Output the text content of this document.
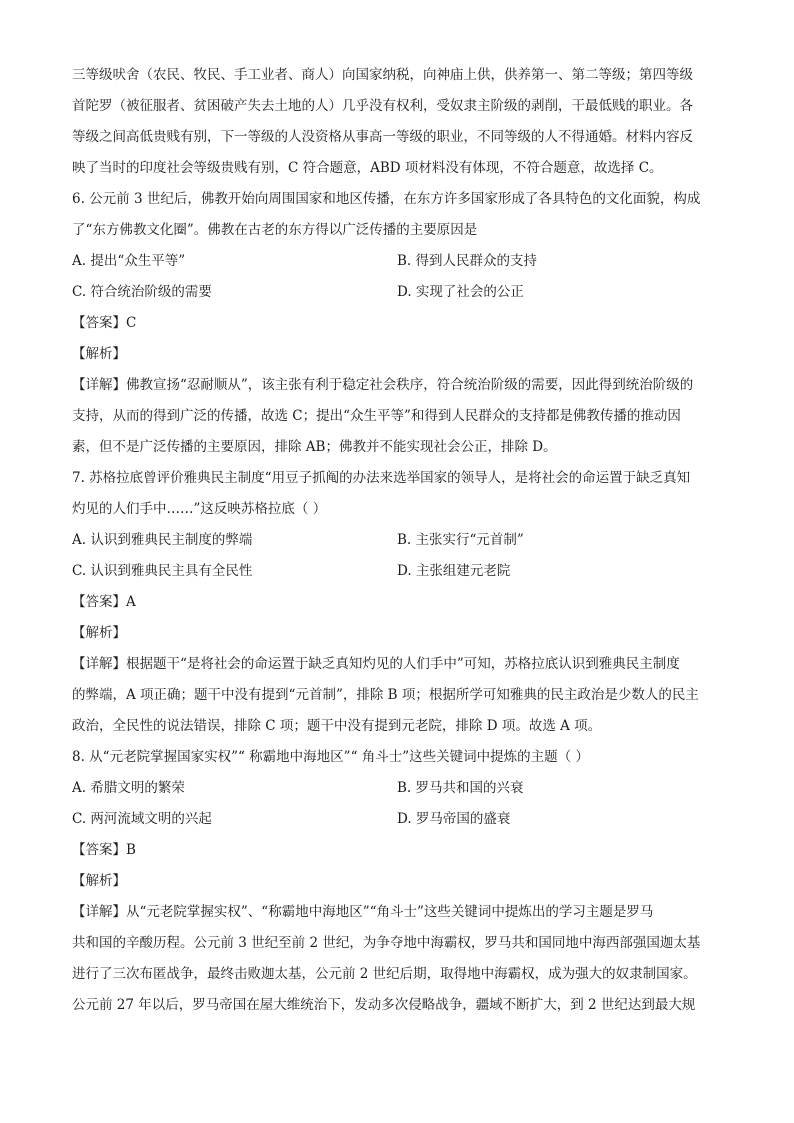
三等级吠舍（农民、牧民、手工业者、商人）向国家纳税，向神庙上供，供养第一、第二等级；第四等级
首陀罗（被征服者、贫困破产失去土地的人）几乎没有权利，受奴隶主阶级的剥削，干最低贱的职业。各
等级之间高低贵贱有别，下一等级的人没资格从事高一等级的职业，不同等级的人不得通婚。材料内容反
映了当时的印度社会等级贵贱有别，C 符合题意，ABD 项材料没有体现，不符合题意，故选择 C。
6. 公元前 3 世纪后，佛教开始向周围国家和地区传播，在东方许多国家形成了各具特色的文化面貌，构成
了“东方佛教文化圈”。佛教在古老的东方得以广泛传播的主要原因是
A. 提出“众生平等”	B. 得到人民群众的支持
C. 符合统治阶级的需要	D. 实现了社会的公正
【答案】C
【解析】
【详解】佛教宣扬“忍耐顺从”，该主张有利于稳定社会秩序，符合统治阶级的需要，因此得到统治阶级的
支持，从而的得到广泛的传播，故选 C；提出“众生平等”和得到人民群众的支持都是佛教传播的推动因
素，但不是广泛传播的主要原因，排除 AB；佛教并不能实现社会公正，排除 D。
7. 苏格拉底曾评价雅典民主制度“用豆子抓阄的办法来选举国家的领导人，是将社会的命运置于缺乏真知
灼见的人们手中……”这反映苏格拉底（ ）
A. 认识到雅典民主制度的弊端	B. 主张实行“元首制”
C. 认识到雅典民主具有全民性	D. 主张组建元老院
【答案】A
【解析】
【详解】根据题干“是将社会的命运置于缺乏真知灼见的人们手中”可知，苏格拉底认识到雅典民主制度
的弊端，A 项正确；题干中没有提到“元首制”，排除 B 项；根据所学可知雅典的民主政治是少数人的民主
政治，全民性的说法错误，排除 C 项；题干中没有提到元老院，排除 D 项。故选 A 项。
8. 从“元老院掌握国家实权”“ 称霸地中海地区”“ 角斗士”这些关键词中提炼的主题（ ）
A. 希腊文明的繁荣	B. 罗马共和国的兴衰
C. 两河流域文明的兴起	D. 罗马帝国的盛衰
【答案】B
【解析】
【详解】从“元老院掌握实权”、“称霸地中海地区”“角斗士”这些关键词中提炼出的学习主题是罗马
共和国的辛酸历程。公元前 3 世纪至前 2 世纪，为争夺地中海霸权，罗马共和国同地中海西部强国迦太基
进行了三次布匿战争，最终击败迦太基，公元前 2 世纪后期，取得地中海霸权，成为强大的奴隶制国家。
公元前 27 年以后，罗马帝国在屋大维统治下，发动多次侵略战争，疆域不断扩大，到 2 世纪达到最大规
